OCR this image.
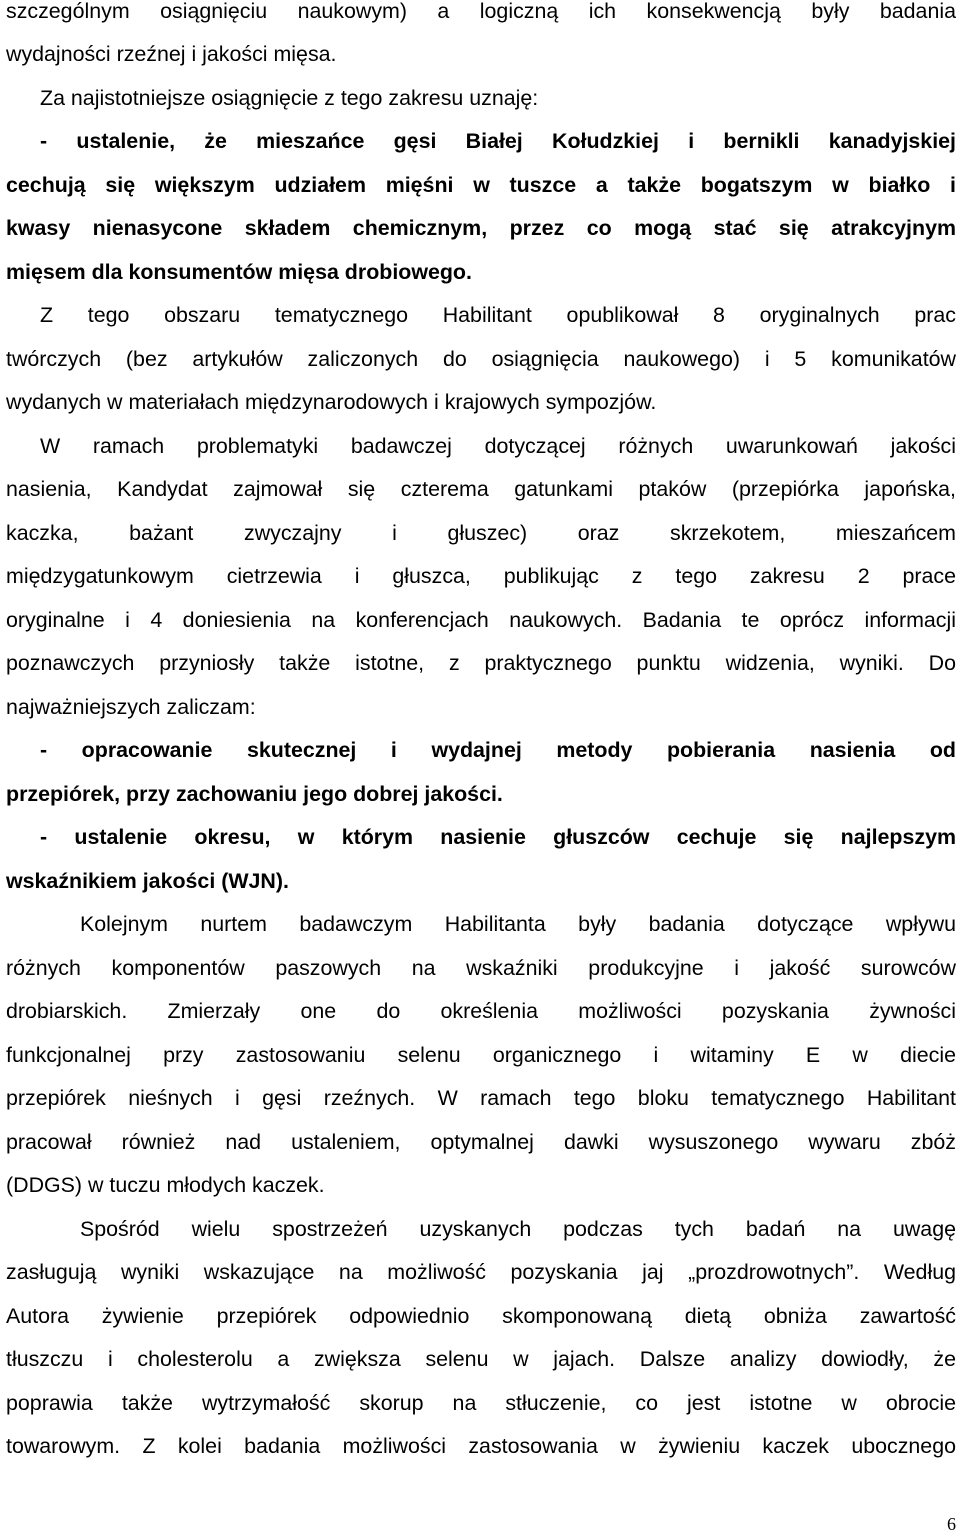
szczególnym osiągnięciu naukowym) a logiczną ich konsekwencją były badania
wydajności rzeźnej i jakości mięsa.
Za najistotniejsze osiągnięcie z tego zakresu uznaję:
- ustalenie, że mieszańce gęsi Białej Kołudzkiej i bernikli kanadyjskiej
cechują się większym udziałem mięśni w tuszce a także bogatszym w białko i
kwasy nienasycone składem chemicznym, przez co mogą stać się atrakcyjnym
mięsem dla konsumentów mięsa drobiowego.
Z tego obszaru tematycznego Habilitant opublikował 8 oryginalnych prac
twórczych (bez artykułów zaliczonych do osiągnięcia naukowego) i 5 komunikatów
wydanych w materiałach międzynarodowych i krajowych sympozjów.
W ramach problematyki badawczej dotyczącej różnych uwarunkowań jakości
nasienia, Kandydat zajmował się czterema gatunkami ptaków (przepiórka japońska,
kaczka, bażant zwyczajny i głuszec) oraz skrzekotem, mieszańcem
międzygatunkowym cietrzewia i głuszca, publikując z tego zakresu 2 prace
oryginalne i 4 doniesienia na konferencjach naukowych. Badania te oprócz informacji
poznawczych przyniosły także istotne, z praktycznego punktu widzenia, wyniki. Do
najważniejszych zaliczam:
- opracowanie skutecznej i wydajnej metody pobierania nasienia od
przepiórek, przy zachowaniu jego dobrej jakości.
- ustalenie okresu, w którym nasienie głuszców cechuje się najlepszym
wskaźnikiem jakości (WJN).
Kolejnym nurtem badawczym Habilitanta były badania dotyczące wpływu
różnych komponentów paszowych na wskaźniki produkcyjne i jakość surowców
drobiarskich. Zmierzały one do określenia możliwości pozyskania żywności
funkcjonalnej przy zastosowaniu selenu organicznego i witaminy E w diecie
przepiórek nieśnych i gęsi rzeźnych. W ramach tego bloku tematycznego Habilitant
pracował również nad ustaleniem, optymalnej dawki wysuszonego wywaru zbóż
(DDGS) w tuczu młodych kaczek.
Spośród wielu spostrzeżeń uzyskanych podczas tych badań na uwagę
zasługują wyniki wskazujące na możliwość pozyskania jaj „prozdrowotnych”. Według
Autora żywienie przepiórek odpowiednio skomponowaną dietą obniża zawartość
tłuszczu i cholesterolu a zwiększa selenu w jajach. Dalsze analizy dowiodły, że
poprawia także wytrzymałość skorup na stłuczenie, co jest istotne w obrocie
towarowym. Z kolei badania możliwości zastosowania w żywieniu kaczek ubocznego
6
